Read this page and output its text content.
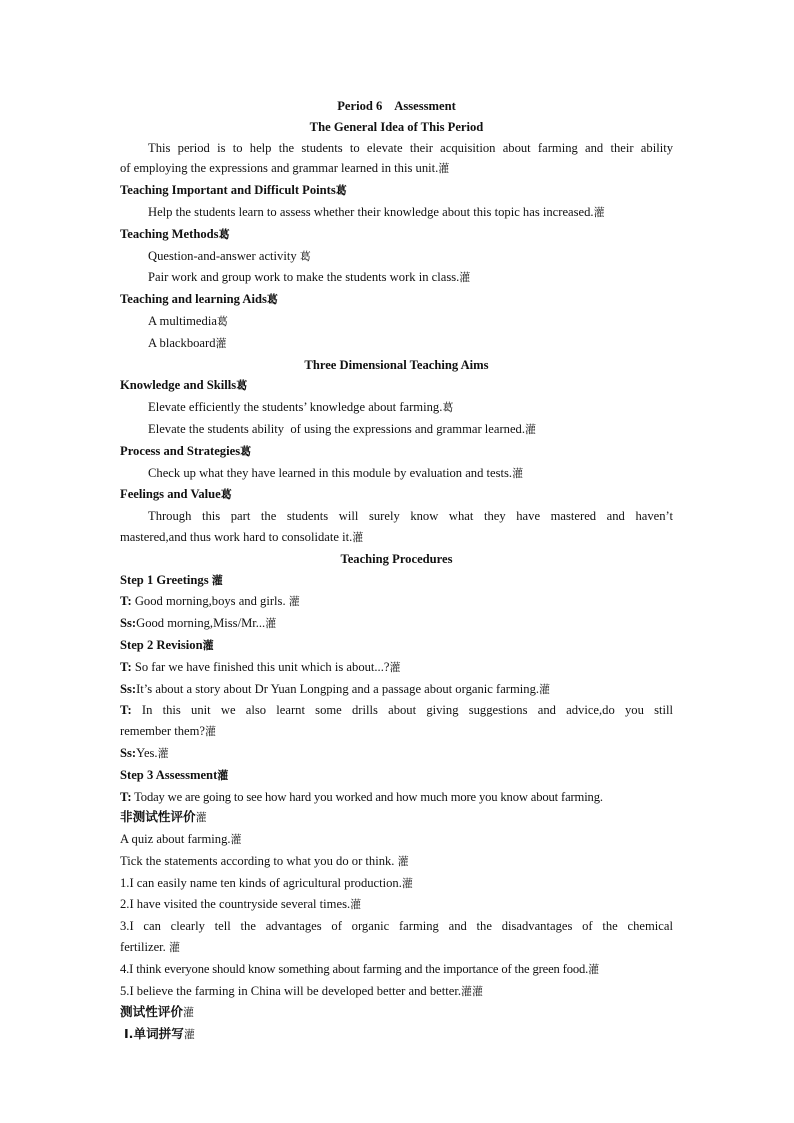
Period 6    Assessment
The General Idea of This Period
This period is to help the students to elevate their acquisition about farming and their ability
of employing the expressions and grammar learned in this unit.灌
Teaching Important and Difficult Points葛
Help the students learn to assess whether their knowledge about this topic has increased.灌
Teaching Methods葛
Question-and-answer activity 葛
Pair work and group work to make the students work in class.灌
Teaching and learning Aids葛
A multimedia葛
A blackboard灌
Three Dimensional Teaching Aims
Knowledge and Skills葛
Elevate efficiently the students’ knowledge about farming.葛
Elevate the students ability  of using the expressions and grammar learned.灌
Process and Strategies葛
Check up what they have learned in this module by evaluation and tests.灌
Feelings and Value葛
Through this part the students will surely know what they have mastered and haven’t
mastered,and thus work hard to consolidate it.灌
Teaching Procedures
Step 1 Greetings 灌
T: Good morning,boys and girls. 灌
Ss:Good morning,Miss/Mr...灌
Step 2 Revision灌
T: So far we have finished this unit which is about...?灌
Ss:It’s about a story about Dr Yuan Longping and a passage about organic farming.灌
T: In this unit we also learnt some drills about giving suggestions and advice,do you still
remember them?灌
Ss:Yes.灌
Step 3 Assessment灌
T: Today we are going to see how hard you worked and how much more you know about farming.
非测试性评价灌
A quiz about farming.灌
Tick the statements according to what you do or think. 灌
1.I can easily name ten kinds of agricultural production.灌
2.I have visited the countryside several times.灌
3.I can clearly tell the advantages of organic farming and the disadvantages of the chemical
fertilizer. 灌
4.I think everyone should know something about farming and the importance of the green food.灌
5.I believe the farming in China will be developed better and better.灌灌
测试性评价灌
Ⅰ.单词拼写灌
